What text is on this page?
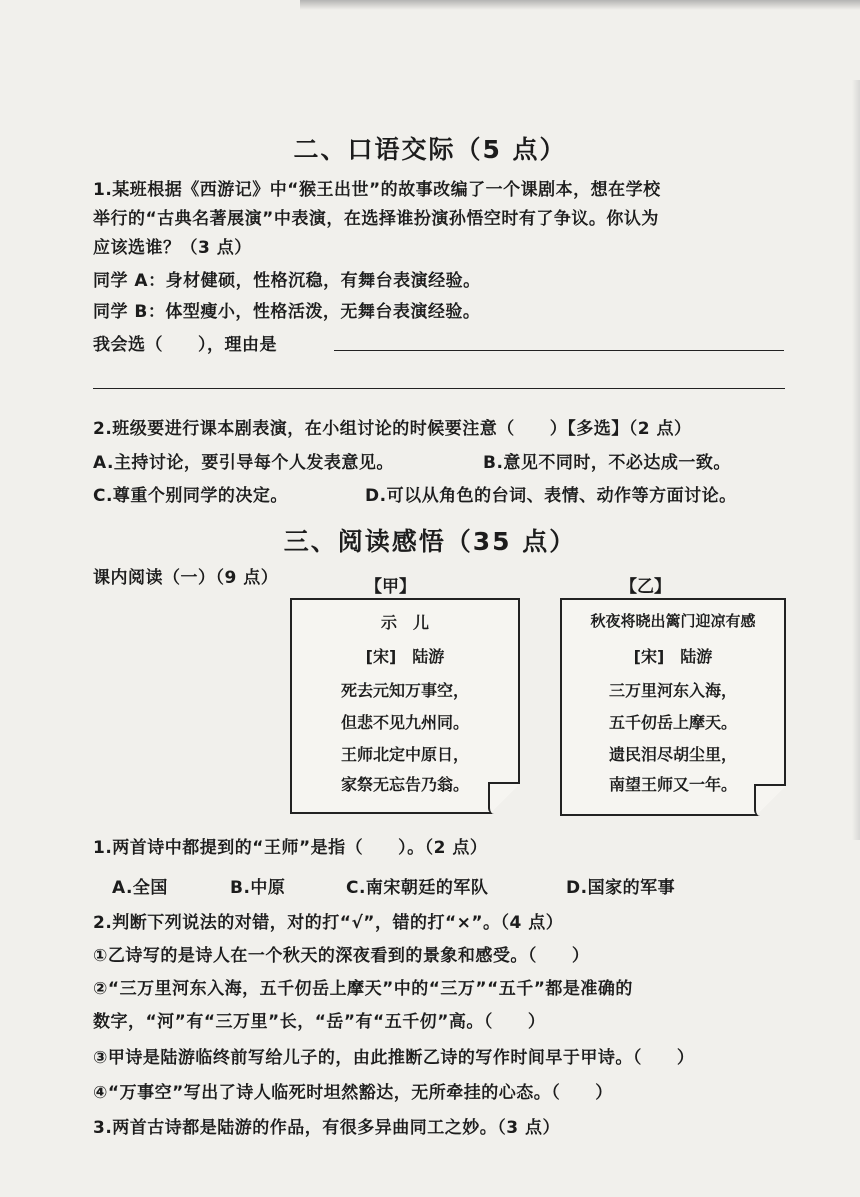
二、口语交际（5 点）
1.某班根据《西游记》中“猴王出世”的故事改编了一个课剧本，想在学校
举行的“古典名著展演”中表演，在选择谁扮演孙悟空时有了争议。你认为
应该选谁？（3 点）
同学 A：身材健硕，性格沉稳，有舞台表演经验。
同学 B：体型瘦小，性格活泼，无舞台表演经验。
我会选（　　），理由是
2.班级要进行课本剧表演，在小组讨论的时候要注意（　　）【多选】（2 点）
A.主持讨论，要引导每个人发表意见。	B.意见不同时，不必达成一致。
C.尊重个别同学的决定。	D.可以从角色的台词、表情、动作等方面讨论。
三、阅读感悟（35 点）
课内阅读（一）（9 点）	【甲】
示　儿
[宋]　陆游
死去元知万事空，
但悲不见九州同。
王师北定中原日，
家祭无忘告乃翁。
【乙】
秋夜将晓出篱门迎凉有感
[宋]　陆游
三万里河东入海，
五千仞岳上摩天。
遗民泪尽胡尘里，
南望王师又一年。
1.两首诗中都提到的“王师”是指（　　）。（2 点）
A.全国	B.中原	C.南宋朝廷的军队	D.国家的军事
2.判断下列说法的对错，对的打“√”，错的打“×”。（4 点）
①乙诗写的是诗人在一个秋天的深夜看到的景象和感受。（　　）
②“三万里河东入海，五千仞岳上摩天”中的“三万”“五千”都是准确的
数字，“河”有“三万里”长，“岳”有“五千仞”高。（　　）
③甲诗是陆游临终前写给儿子的，由此推断乙诗的写作时间早于甲诗。（　　）
④“万事空”写出了诗人临死时坦然豁达，无所牵挂的心态。（　　）
3.两首古诗都是陆游的作品，有很多异曲同工之妙。（3 点）
